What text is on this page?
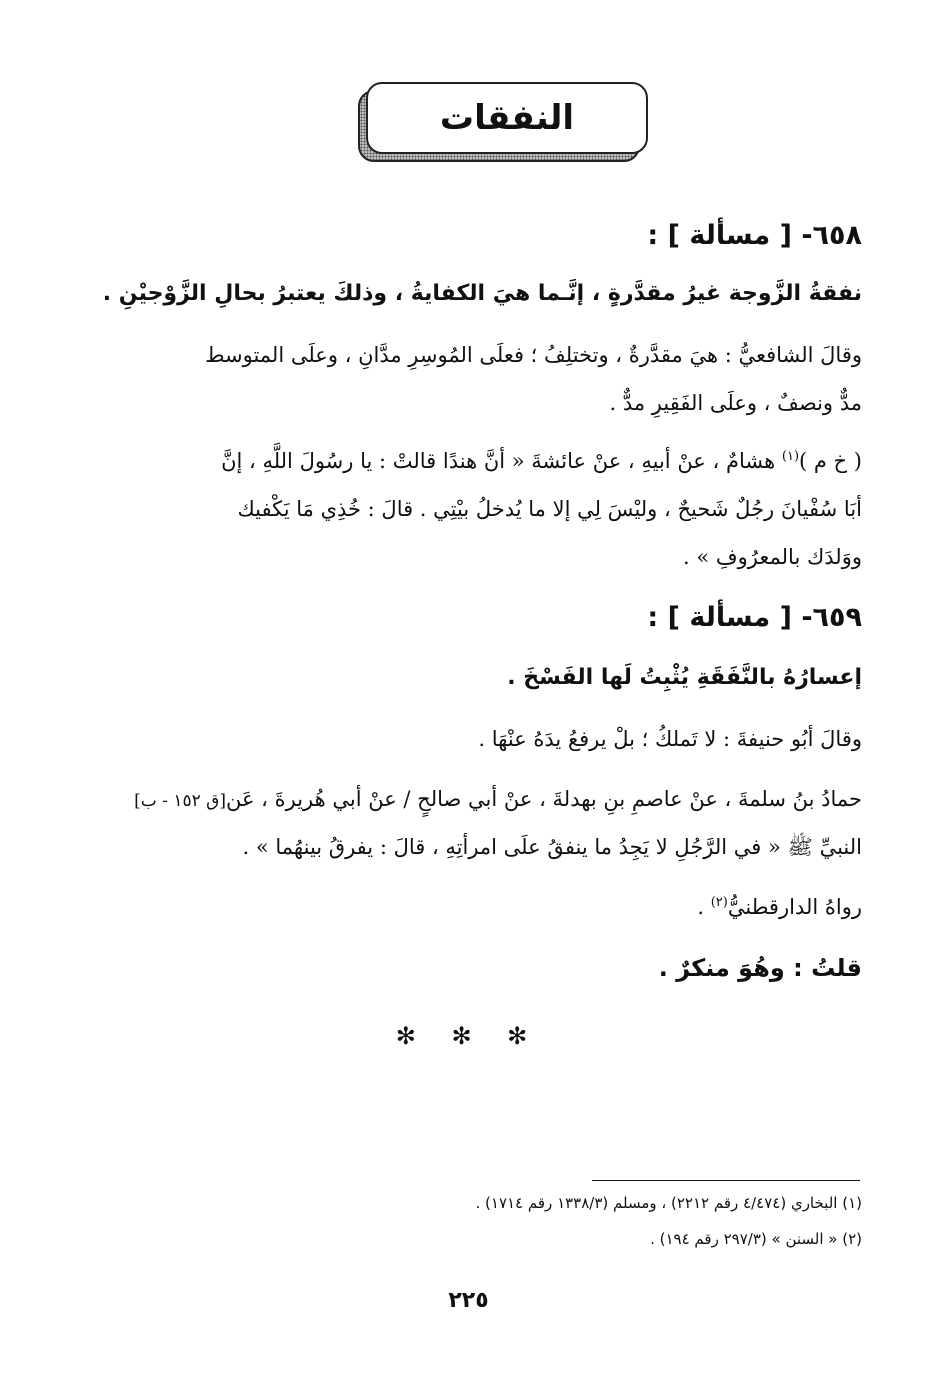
النفقات
٦٥٨- [ مسألة ] :
نفقةُ الزَّوجة غيرُ مقدَّرةٍ ، إنَّـما هيَ الكفايةُ ، وذلكَ يعتبرُ بحالِ الزَّوْجيْنِ .
وقالَ الشافعيُّ : هيَ مقدَّرةٌ ، وتختلِفُ ؛ فعلَى المُوسِرِ مدَّانِ ، وعلَى المتوسط
مدٌّ ونصفٌ ، وعلَى الفَقِيرِ مدٌّ .
( خ م )$^{(١)}$ هشامٌ ، عنْ أبيهِ ، عنْ عائشةَ « أنَّ هندًا قالتْ : يا رسُولَ اللَّهِ ، إنَّ
أبَا سُفْيانَ رجُلٌ شَحيحٌ ، وليْسَ لِي إلا ما يُدخلُ بيْتِي . قالَ : خُذِي مَا يَكْفيك
ووَلدَك بالمعرُوفِ » .
٦٥٩- [ مسألة ] :
إعسارُهُ بالنَّفَقَةِ يُثْبِتُ لَها الفَسْخَ .
وقالَ أبُو حنيفةَ : لا تَملكُ ؛ بلْ يرفعُ يدَهُ عنْهَا .
حمادُ بنُ سلمةَ ، عنْ عاصمِ بنِ بهدلةَ ، عنْ أبي صالحٍ / عنْ أبي هُريرةَ ، عَن[ق ١٥٢ - ب]
النبيِّ ﷺ « في الرَّجُلِ لا يَجِدُ ما ينفقُ علَى امرأتِهِ ، قالَ : يفرقُ بينهُما » .
رواهُ الدارقطنيُّ$^{(٢)}$ .
قلتُ : وهُوَ منكرٌ .
✻ ✻ ✻
(١) البخاري (٤/٤٧٤ رقم ٢٢١٢) ، ومسلم (١٣٣٨/٣ رقم ١٧١٤) .
(٢) « السنن » (٢٩٧/٣ رقم ١٩٤) .
٢٢٥
